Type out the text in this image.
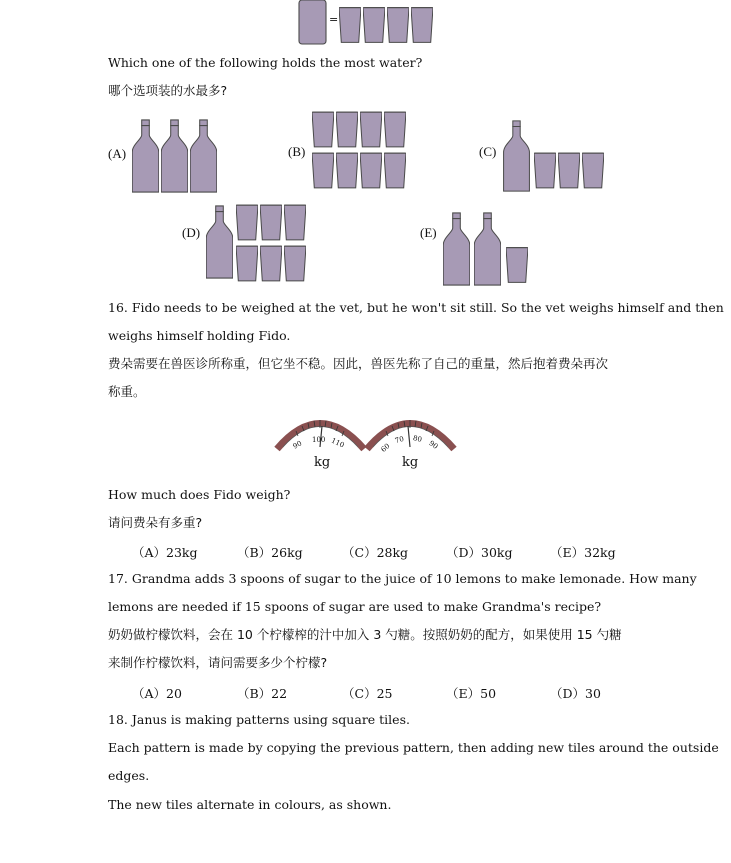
=
Which one of the following holds the most water?
哪个选项装的水最多?
(A)	(B)	(C)
(D)	(E)
16. Fido needs to be weighed at the vet, but he won't sit still. So the vet weighs himself and then
weighs himself holding Fido.
费朵需要在兽医诊所称重，但它坐不稳。因此，兽医先称了自己的重量，然后抱着费朵再次
称重。
90 100 110
kg
60
70 80
90
kg
How much does Fido weigh?
请问费朵有多重?
（A）23kg	（B）26kg	（C）28kg	（D）30kg	（E）32kg
17. Grandma adds 3 spoons of sugar to the juice of 10 lemons to make lemonade. How many
lemons are needed if 15 spoons of sugar are used to make Grandma's recipe?
奶奶做柠檬饮料，会在 10 个柠檬榨的汁中加入 3 勺糖。按照奶奶的配方，如果使用 15 勺糖
来制作柠檬饮料，请问需要多少个柠檬?
（A）20	（B）22	（C）25	（E）50	（D）30
18. Janus is making patterns using square tiles.
Each pattern is made by copying the previous pattern, then adding new tiles around the outside
edges.
The new tiles alternate in colours, as shown.
